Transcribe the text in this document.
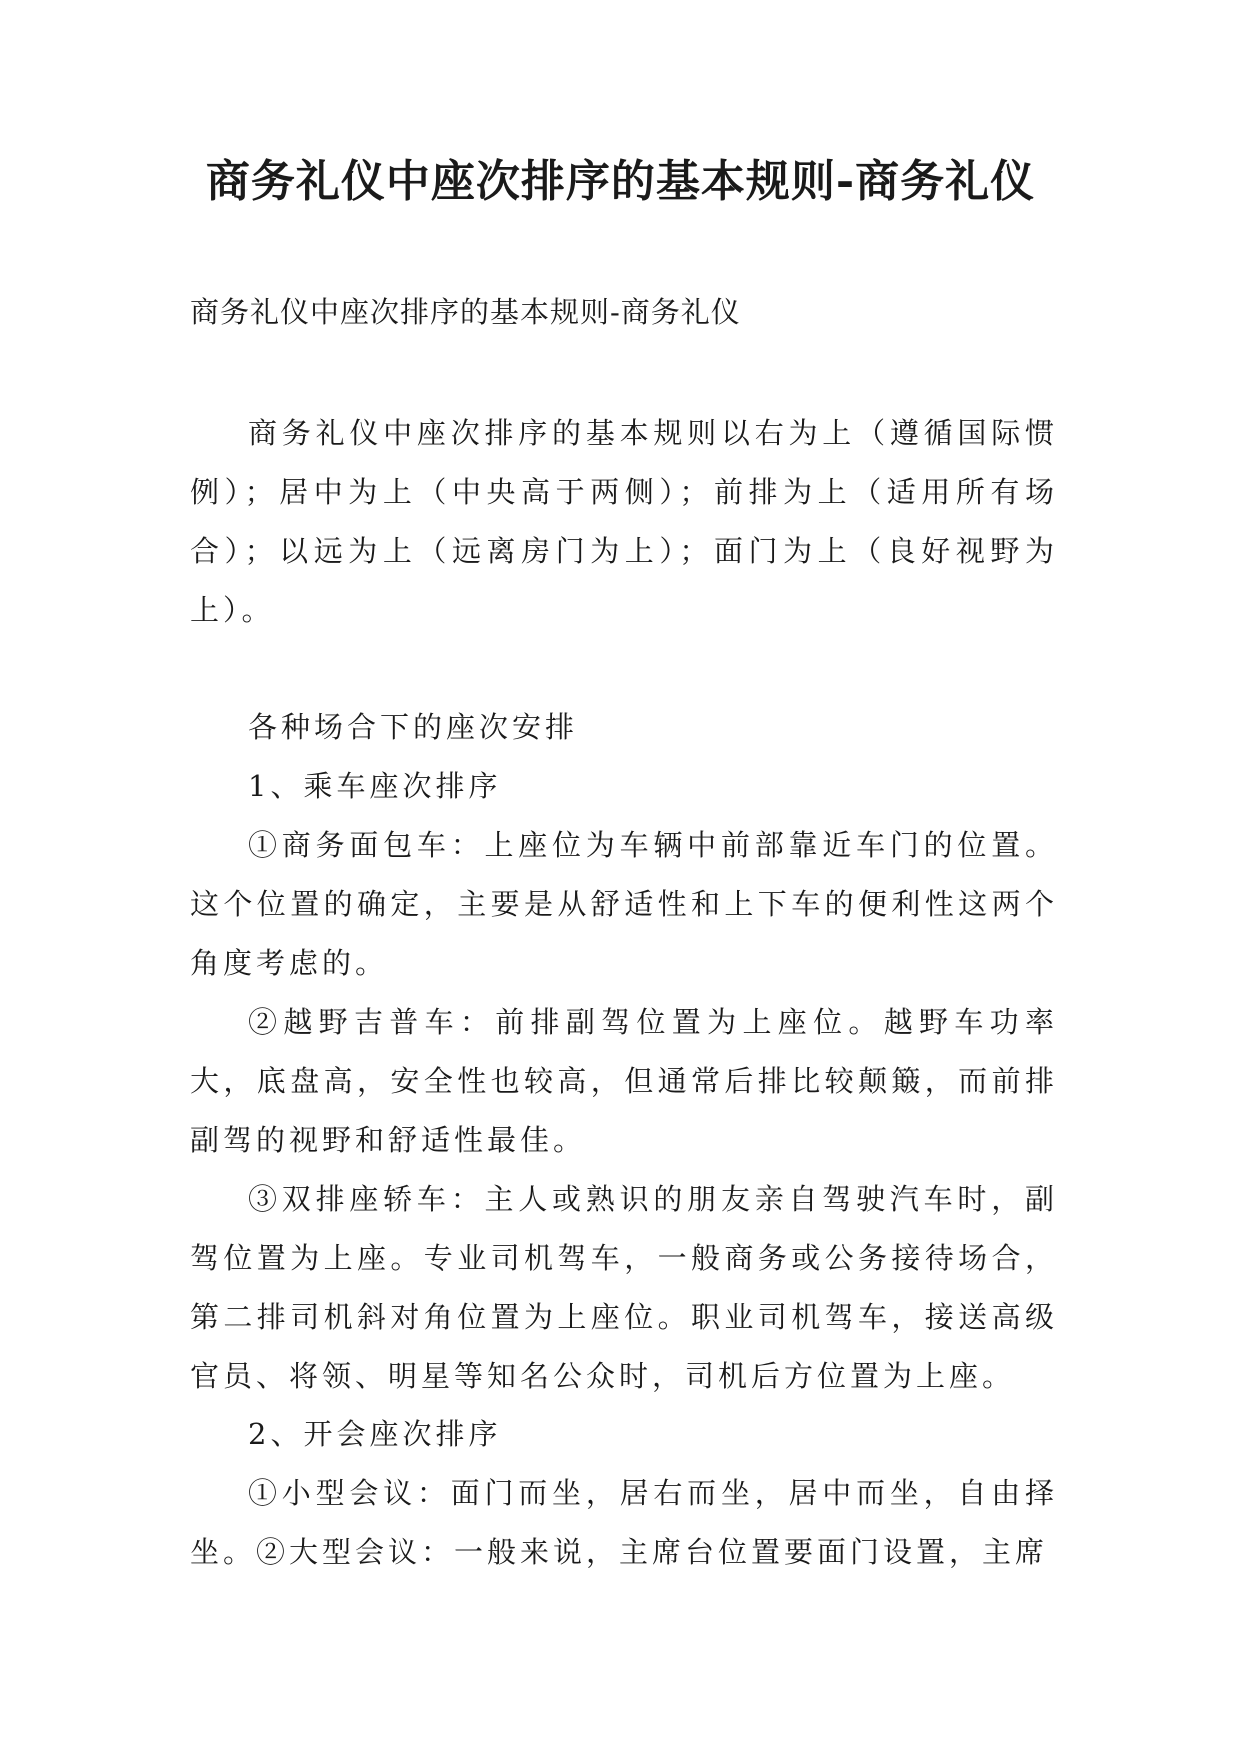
商务礼仪中座次排序的基本规则-商务礼仪

商务礼仪中座次排序的基本规则-商务礼仪

商务礼仪中座次排序的基本规则以右为上（遵循国际惯例）；居中为上（中央高于两侧）；前排为上（适用所有场合）；以远为上（远离房门为上）；面门为上（良好视野为上）。

各种场合下的座次安排

1、乘车座次排序

①商务面包车：上座位为车辆中前部靠近车门的位置。这个位置的确定，主要是从舒适性和上下车的便利性这两个角度考虑的。

②越野吉普车：前排副驾位置为上座位。越野车功率大，底盘高，安全性也较高，但通常后排比较颠簸，而前排副驾的视野和舒适性最佳。

③双排座轿车：主人或熟识的朋友亲自驾驶汽车时，副驾位置为上座。专业司机驾车，一般商务或公务接待场合，第二排司机斜对角位置为上座位。职业司机驾车，接送高级官员、将领、明星等知名公众时，司机后方位置为上座。

2、开会座次排序

①小型会议：面门而坐，居右而坐，居中而坐，自由择坐。②大型会议：一般来说，主席台位置要面门设置，主席
